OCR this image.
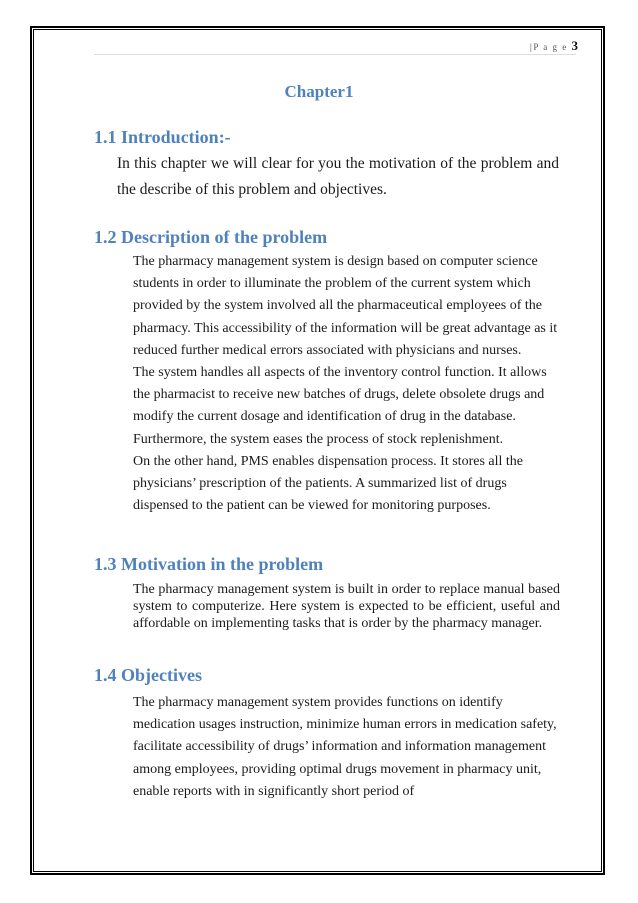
|P a g e 3
Chapter1
1.1 Introduction:-
In this chapter we will clear for you the motivation of the problem and the describe of this problem and objectives.
1.2 Description of the problem

The pharmacy management system is design based on computer science students in order to illuminate the problem of the current system which provided by the system involved all the pharmaceutical employees of the pharmacy. This accessibility of the information will be great advantage as it reduced further medical errors associated with physicians and nurses.

The system handles all aspects of the inventory control function. It allows the pharmacist to receive new batches of drugs, delete obsolete drugs and modify the current dosage and identification of drug in the database. Furthermore, the system eases the process of stock replenishment.

On the other hand, PMS enables dispensation process. It stores all the physicians’ prescription of the patients. A summarized list of drugs dispensed to the patient can be viewed for monitoring purposes.

1.3 Motivation in the problem
The pharmacy management system is built in order to replace manual based system to computerize. Here system is expected to be efficient, useful and affordable on implementing tasks that is order by the pharmacy manager.
1.4 Objectives
The pharmacy management system provides functions on identify medication usages instruction, minimize human errors in medication safety, facilitate accessibility of drugs’ information and information management among employees, providing optimal drugs movement in pharmacy unit, enable reports with in significantly short period of
